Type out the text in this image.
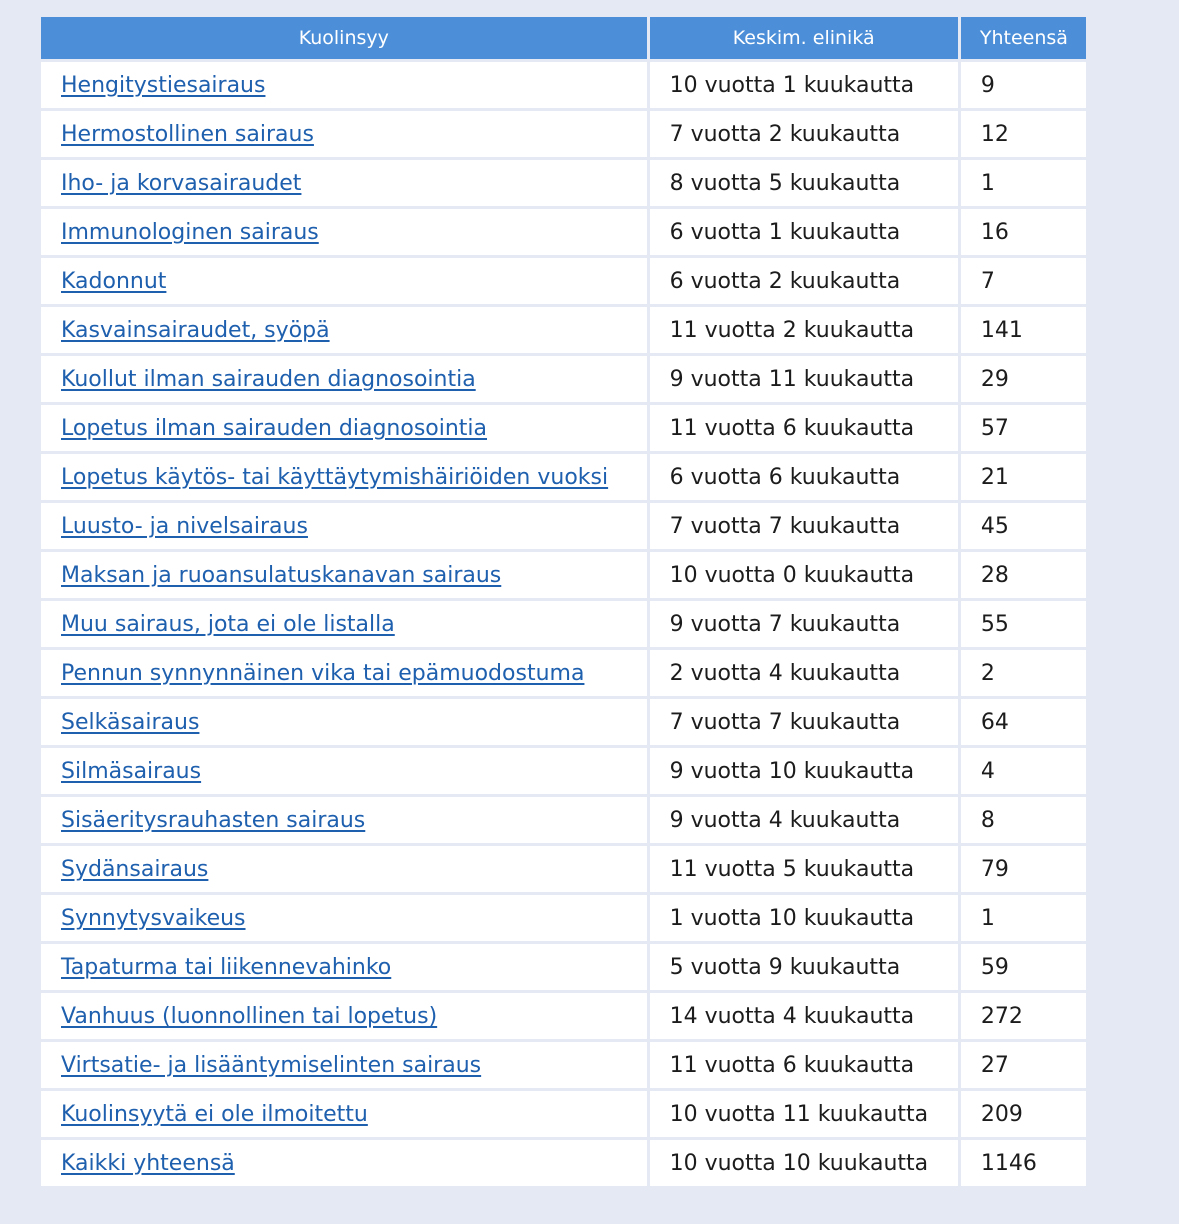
Kuolinsyy	Keskim. elinikä	Yhteensä
Hengitystiesairaus	10 vuotta 1 kuukautta	9
Hermostollinen sairaus	7 vuotta 2 kuukautta	12
Iho- ja korvasairaudet	8 vuotta 5 kuukautta	1
Immunologinen sairaus	6 vuotta 1 kuukautta	16
Kadonnut	6 vuotta 2 kuukautta	7
Kasvainsairaudet, syöpä	11 vuotta 2 kuukautta	141
Kuollut ilman sairauden diagnosointia	9 vuotta 11 kuukautta	29
Lopetus ilman sairauden diagnosointia	11 vuotta 6 kuukautta	57
Lopetus käytös- tai käyttäytymishäiriöiden vuoksi	6 vuotta 6 kuukautta	21
Luusto- ja nivelsairaus	7 vuotta 7 kuukautta	45
Maksan ja ruoansulatuskanavan sairaus	10 vuotta 0 kuukautta	28
Muu sairaus, jota ei ole listalla	9 vuotta 7 kuukautta	55
Pennun synnynnäinen vika tai epämuodostuma	2 vuotta 4 kuukautta	2
Selkäsairaus	7 vuotta 7 kuukautta	64
Silmäsairaus	9 vuotta 10 kuukautta	4
Sisäeritysrauhasten sairaus	9 vuotta 4 kuukautta	8
Sydänsairaus	11 vuotta 5 kuukautta	79
Synnytysvaikeus	1 vuotta 10 kuukautta	1
Tapaturma tai liikennevahinko	5 vuotta 9 kuukautta	59
Vanhuus (luonnollinen tai lopetus)	14 vuotta 4 kuukautta	272
Virtsatie- ja lisääntymiselinten sairaus	11 vuotta 6 kuukautta	27
Kuolinsyytä ei ole ilmoitettu	10 vuotta 11 kuukautta	209
Kaikki yhteensä	10 vuotta 10 kuukautta	1146
